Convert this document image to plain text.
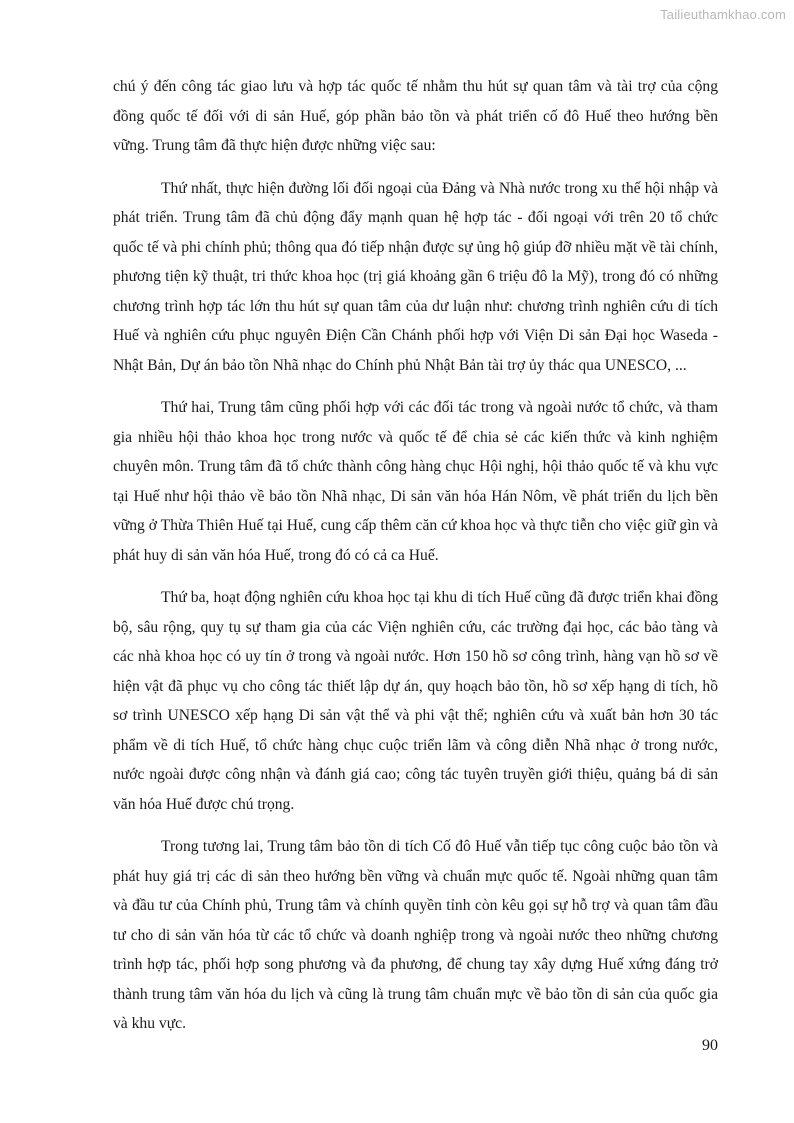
Tailieuthamkhao.com

chú ý đến công tác giao lưu và hợp tác quốc tế nhằm thu hút sự quan tâm và tài trợ của cộng đồng quốc tế đối với di sản Huế, góp phần bảo tồn và phát triển cố đô Huế theo hướng bền vững. Trung tâm đã thực hiện được những việc sau:

Thứ nhất, thực hiện đường lối đối ngoại của Đảng và Nhà nước trong xu thế hội nhập và phát triển. Trung tâm đã chủ động đẩy mạnh quan hệ hợp tác - đối ngoại với trên 20 tổ chức quốc tế và phi chính phủ; thông qua đó tiếp nhận được sự ủng hộ giúp đỡ nhiều mặt về tài chính, phương tiện kỹ thuật, tri thức khoa học (trị giá khoảng gần 6 triệu đô la Mỹ), trong đó có những chương trình hợp tác lớn thu hút sự quan tâm của dư luận như: chương trình nghiên cứu di tích Huế và nghiên cứu phục nguyên Điện Cần Chánh phối hợp với Viện Di sản Đại học Waseda - Nhật Bản, Dự án bảo tồn Nhã nhạc do Chính phủ Nhật Bản tài trợ ủy thác qua UNESCO, ...

Thứ hai, Trung tâm cũng phối hợp với các đối tác trong và ngoài nước tổ chức, và tham gia nhiều hội thảo khoa học trong nước và quốc tế để chia sẻ các kiến thức và kinh nghiệm chuyên môn. Trung tâm đã tổ chức thành công hàng chục Hội nghị, hội thảo quốc tế và khu vực tại Huế như hội thảo về bảo tồn Nhã nhạc, Di sản văn hóa Hán Nôm, về phát triển du lịch bền vững ở Thừa Thiên Huế tại Huế, cung cấp thêm căn cứ khoa học và thực tiễn cho việc giữ gìn và phát huy di sản văn hóa Huế, trong đó có cả ca Huế.

Thứ ba, hoạt động nghiên cứu khoa học tại khu di tích Huế cũng đã được triển khai đồng bộ, sâu rộng, quy tụ sự tham gia của các Viện nghiên cứu, các trường đại học, các bảo tàng và các nhà khoa học có uy tín ở trong và ngoài nước. Hơn 150 hồ sơ công trình, hàng vạn hồ sơ về hiện vật đã phục vụ cho công tác thiết lập dự án, quy hoạch bảo tồn, hồ sơ xếp hạng di tích, hồ sơ trình UNESCO xếp hạng Di sản vật thể và phi vật thể; nghiên cứu và xuất bản hơn 30 tác phẩm về di tích Huế, tổ chức hàng chục cuộc triển lãm và công diễn Nhã nhạc ở trong nước, nước ngoài được công nhận và đánh giá cao; công tác tuyên truyền giới thiệu, quảng bá di sản văn hóa Huế được chú trọng.

Trong tương lai, Trung tâm bảo tồn di tích Cố đô Huế vẫn tiếp tục công cuộc bảo tồn và phát huy giá trị các di sản theo hướng bền vững và chuẩn mực quốc tế. Ngoài những quan tâm và đầu tư của Chính phủ, Trung tâm và chính quyền tỉnh còn kêu gọi sự hỗ trợ và quan tâm đầu tư cho di sản văn hóa từ các tổ chức và doanh nghiệp trong và ngoài nước theo những chương trình hợp tác, phối hợp song phương và đa phương, để chung tay xây dựng Huế xứng đáng trở thành trung tâm văn hóa du lịch và cũng là trung tâm chuẩn mực về bảo tồn di sản của quốc gia và khu vực.

90
